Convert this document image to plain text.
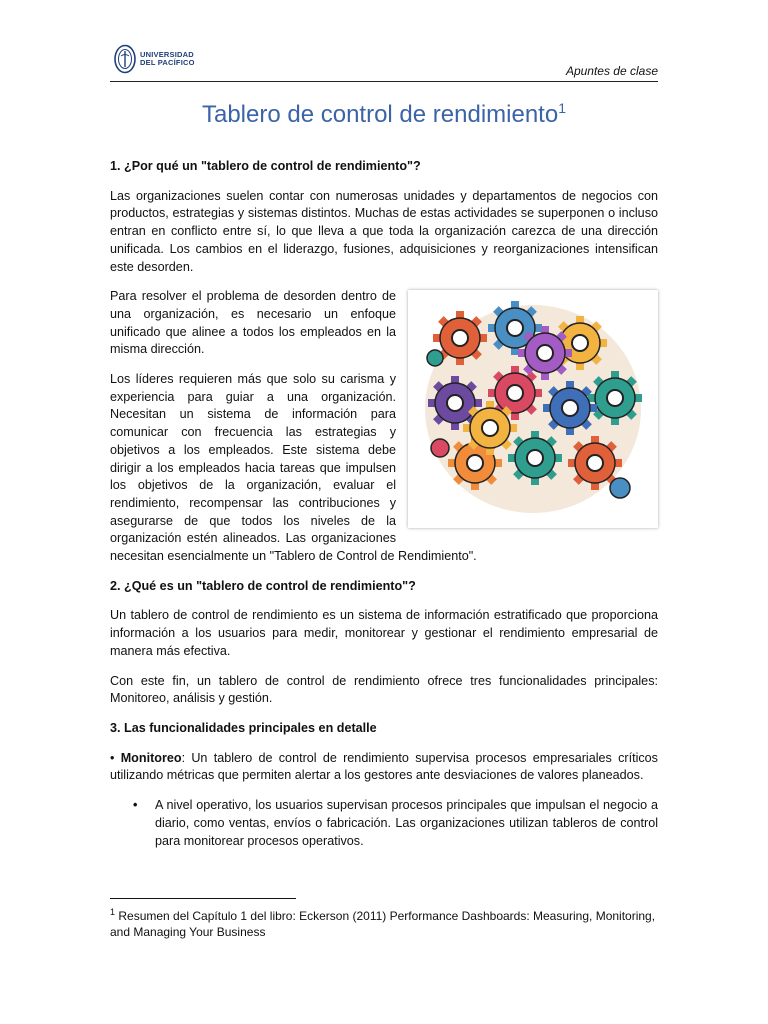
UNIVERSIDAD
DEL PACÍFICO
Apuntes de clase
Tablero de control de rendimiento$^1$
1. ¿Por qué un "tablero de control de rendimiento"?
Las organizaciones suelen contar con numerosas unidades y departamentos de negocios con productos, estrategias y sistemas distintos. Muchas de estas actividades se superponen o incluso entran en conflicto entre sí, lo que lleva a que toda la organización carezca de una dirección unificada. Los cambios en el liderazgo, fusiones, adquisiciones y reorganizaciones intensifican este desorden.
Para resolver el problema de desorden dentro de una organización, es necesario un enfoque unificado que alinee a todos los empleados en la misma dirección.
Los líderes requieren más que solo su carisma y experiencia para guiar a una organización. Necesitan un sistema de información para comunicar con frecuencia las estrategias y objetivos a los empleados. Este sistema debe dirigir a los empleados hacia tareas que impulsen los objetivos de la organización, evaluar el rendimiento, recompensar las contribuciones y asegurarse de que todos los niveles de la organización estén alineados. Las organizaciones necesitan esencialmente un "Tablero de Control de Rendimiento".
2. ¿Qué es un "tablero de control de rendimiento"?
Un tablero de control de rendimiento es un sistema de información estratificado que proporciona información a los usuarios para medir, monitorear y gestionar el rendimiento empresarial de manera más efectiva.
Con este fin, un tablero de control de rendimiento ofrece tres funcionalidades principales: Monitoreo, análisis y gestión.
3. Las funcionalidades principales en detalle
• Monitoreo: Un tablero de control de rendimiento supervisa procesos empresariales críticos utilizando métricas que permiten alertar a los gestores ante desviaciones de valores planeados.
• A nivel operativo, los usuarios supervisan procesos principales que impulsan el negocio a diario, como ventas, envíos o fabricación. Las organizaciones utilizan tableros de control para monitorear procesos operativos.
$^1$ Resumen del Capítulo 1 del libro: Eckerson (2011) Performance Dashboards: Measuring, Monitoring, and Managing Your Business
